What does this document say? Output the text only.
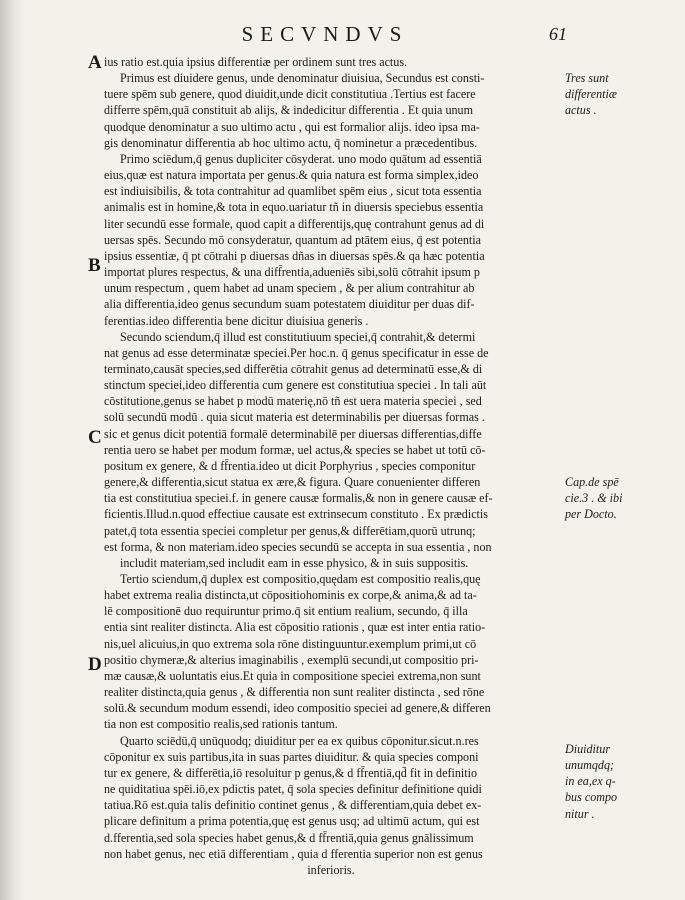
SECVNDVS	61
A
B
C
D
ius ratio est.quia ipsius differentiæ per ordinem sunt tres actus.
Primus est diuidere genus, unde denominatur diuisiua, Secundus est consti-
tuere spēm sub genere, quod diuidit,unde dicit constitutiua .Tertius est facere
differre spēm,quā constituit ab alijs, & indedicitur differentia . Et quia unum
quodque denominatur a suo ultimo actu , qui est formalior alijs. ideo ipsa ma-
gis denominatur differentia ab hoc ultimo actu, q̄ nominetur a præcedentibus.
Primo sciēdum,q̄ genus dupliciter cōsyderat. uno modo quātum ad essentiā
eius,quæ est natura importata per genus.& quia natura est forma simplex,ideo
est indiuisibilis, & tota contrahitur ad quamlibet spēm eius , sicut tota essentia
animalis est in homine,& tota in equo.uariatur tñ in diuersis speciebus essentia
liter secundū esse formale, quod capit a differentijs,quę contrahunt genus ad di
uersas spēs. Secundo mō consyderatur, quantum ad ptātem eius, q̄ est potentia
ipsius essentiæ, q̄ pt cōtrahi p diuersas dñas in diuersas spēs.& qa hæc potentia
importat plures respectus, & una diff̄rentia,adueniēs sibi,solū cōtrahit ipsum p
unum respectum , quem habet ad unam speciem , & per alium contrahitur ab
alia differentia,ideo genus secundum suam potestatem diuiditur per duas dif-
ferentias.ideo differentia bene dicitur diuisiua generis .
Secundo sciendum,q̄ illud est constitutiuum speciei,q̄ contrahit,& determi
nat genus ad esse determinatæ speciei.Per hoc.n. q̄ genus specificatur in esse de
terminato,causāt species,sed differētia cōtrahit genus ad determinatū esse,& di
stinctum speciei,ideo differentia cum genere est constitutiua speciei . In tali aūt
cōstitutione,genus se habet p modū materię,nō tñ est uera materia speciei , sed
solū secundū modū . quia sicut materia est determinabilis per diuersas formas .
sic et genus dicit potentiā formalē determinabilē per diuersas differentias,diffe
rentia uero se habet per modum formæ, uel actus,& species se habet ut totū cō-
positum ex genere, & d ff̄rentia.ideo ut dicit Porphyrius , species componitur
genere,& differentia,sicut statua ex ære,& figura. Quare conuenienter differen
tia est constitutiua speciei.f. in genere causæ formalis,& non in genere causæ ef-
ficientis.Illud.n.quod effectiue causate est extrinsecum constituto . Ex prædictis
patet,q̄ tota essentia speciei completur per genus,& differētiam,quorū utrunq;
est forma, & non materiam.ideo species secundū se accepta in sua essentia , non
includit materiam,sed includit eam in esse physico, & in suis suppositis.
Tertio sciendum,q̄ duplex est compositio,quędam est compositio realis,quę
habet extrema realia distincta,ut cōpositiohominis ex corpe,& anima,& ad ta-
lē compositionē duo requiruntur primo.q̄ sit entium realium, secundo, q̄ illa
entia sint realiter distincta. Alia est cōpositio rationis , quæ est inter entia ratio-
nis,uel alicuius,in quo extrema sola rōne distinguuntur.exemplum primi,ut cō
positio chymeræ,& alterius imaginabilis , exemplū secundi,ut compositio pri-
mæ causæ,& uoluntatis eius.Et quia in compositione speciei extrema,non sunt
realiter distincta,quia genus , & differentia non sunt realiter distincta , sed rōne
solū.& secundum modum essendi, ideo compositio speciei ad genere,& differen
tia non est compositio realis,sed rationis tantum.
Quarto sciēdū,q̄ unūquodq; diuiditur per ea ex quibus cōponitur.sicut.n.res
cōponitur ex suis partibus,ita in suas partes diuiditur. & quia species componi
tur ex genere, & differētia,iō resoluitur p genus,& d ff̄rentiā,qd̄ fit in definitio
ne quiditatiua spēi.iō,ex pdictis patet, q̄ sola species definitur definitione quidi
tatiua.Rō est.quia talis definitio continet genus , & differentiam,quia debet ex-
plicare definitum a prima potentia,quę est genus usq; ad ultimū actum, qui est
d.fferentia,sed sola species habet genus,& d ff̄rentiā,quia genus gnālissimum
non habet genus, nec etiā differentiam , quia d fferentia superior non est genus
inferioris.
Tres sunt
differentiæ
actus .
Cap.de spē
cie.3 . & ibi
per Docto.
Diuiditur
unumqdq;
in ea,ex q-
bus compo
nitur .
